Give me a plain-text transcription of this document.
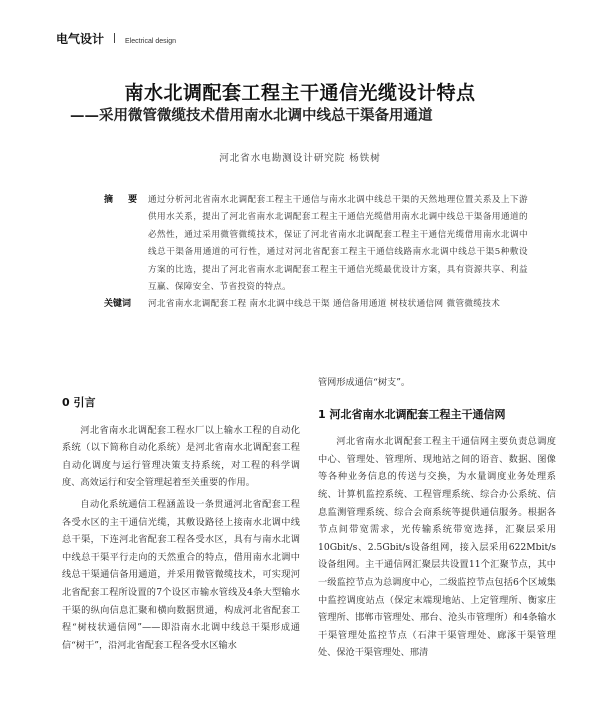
电气设计	Electrical design
南水北调配套工程主干通信光缆设计特点
——采用微管微缆技术借用南水北调中线总干渠备用通道
河北省水电勘测设计研究院 杨铁树
摘 要 通过分析河北省南水北调配套工程主干通信与南水北调中线总干渠的天然地理位置关系及上下游供用水关系，提出了河北省南水北调配套工程主干通信光缆借用南水北调中线总干渠备用通道的必然性，通过采用微管微缆技术，保证了河北省南水北调配套工程主干通信光缆借用南水北调中线总干渠备用通道的可行性，通过对河北省配套工程主干通信线路南水北调中线总干渠5种敷设方案的比选，提出了河北省南水北调配套工程主干通信光缆最优设计方案，具有资源共享、利益互赢、保障安全、节省投资的特点。
关键词	河北省南水北调配套工程 南水北调中线总干渠 通信备用通道 树枝状通信网 微管微缆技术
0 引言

河北省南水北调配套工程水厂以上输水工程的自动化系统（以下简称自动化系统）是河北省南水北调配套工程自动化调度与运行管理决策支持系统，对工程的科学调度、高效运行和安全管理起着至关重要的作用。

自动化系统通信工程涵盖设一条贯通河北省配套工程各受水区的主干通信光缆，其敷设路径上接南水北调中线总干渠，下连河北省配套工程各受水区，具有与南水北调中线总干渠平行走向的天然重合的特点，借用南水北调中线总干渠通信备用通道，并采用微管微缆技术，可实现河北省配套工程所设置的7个设区市输水管线及4条大型输水干渠的纵向信息汇聚和横向数据贯通，构成河北省配套工程“树枝状通信网”——即沿南水北调中线总干渠形成通信“树干”，沿河北省配套工程各受水区输水

管网形成通信“树支”。

1 河北省南水北调配套工程主干通信网

河北省南水北调配套工程主干通信网主要负责总调度中心、管理处、管理所、现地站之间的语音、数据、图像等各种业务信息的传送与交换，为水量调度业务处理系统、计算机监控系统、工程管理系统、综合办公系统、信息监测管理系统、综合会商系统等提供通信服务。根据各节点间带宽需求，光传输系统带宽选择，汇聚层采用10Gbit/s、2.5Gbit/s设备组网，接入层采用622Mbit/s设备组网。主干通信网汇聚层共设置11个汇聚节点，其中一级监控节点为总调度中心，二级监控节点包括6个区域集中监控调度站点（保定末端现地站、上定管理所、衡家庄管理所、邯郸市管理处、邢台、沧头市管理所）和4条输水干渠管理处监控节点（石津干渠管理处、廊涿干渠管理处、保沧干渠管理处、邢清
